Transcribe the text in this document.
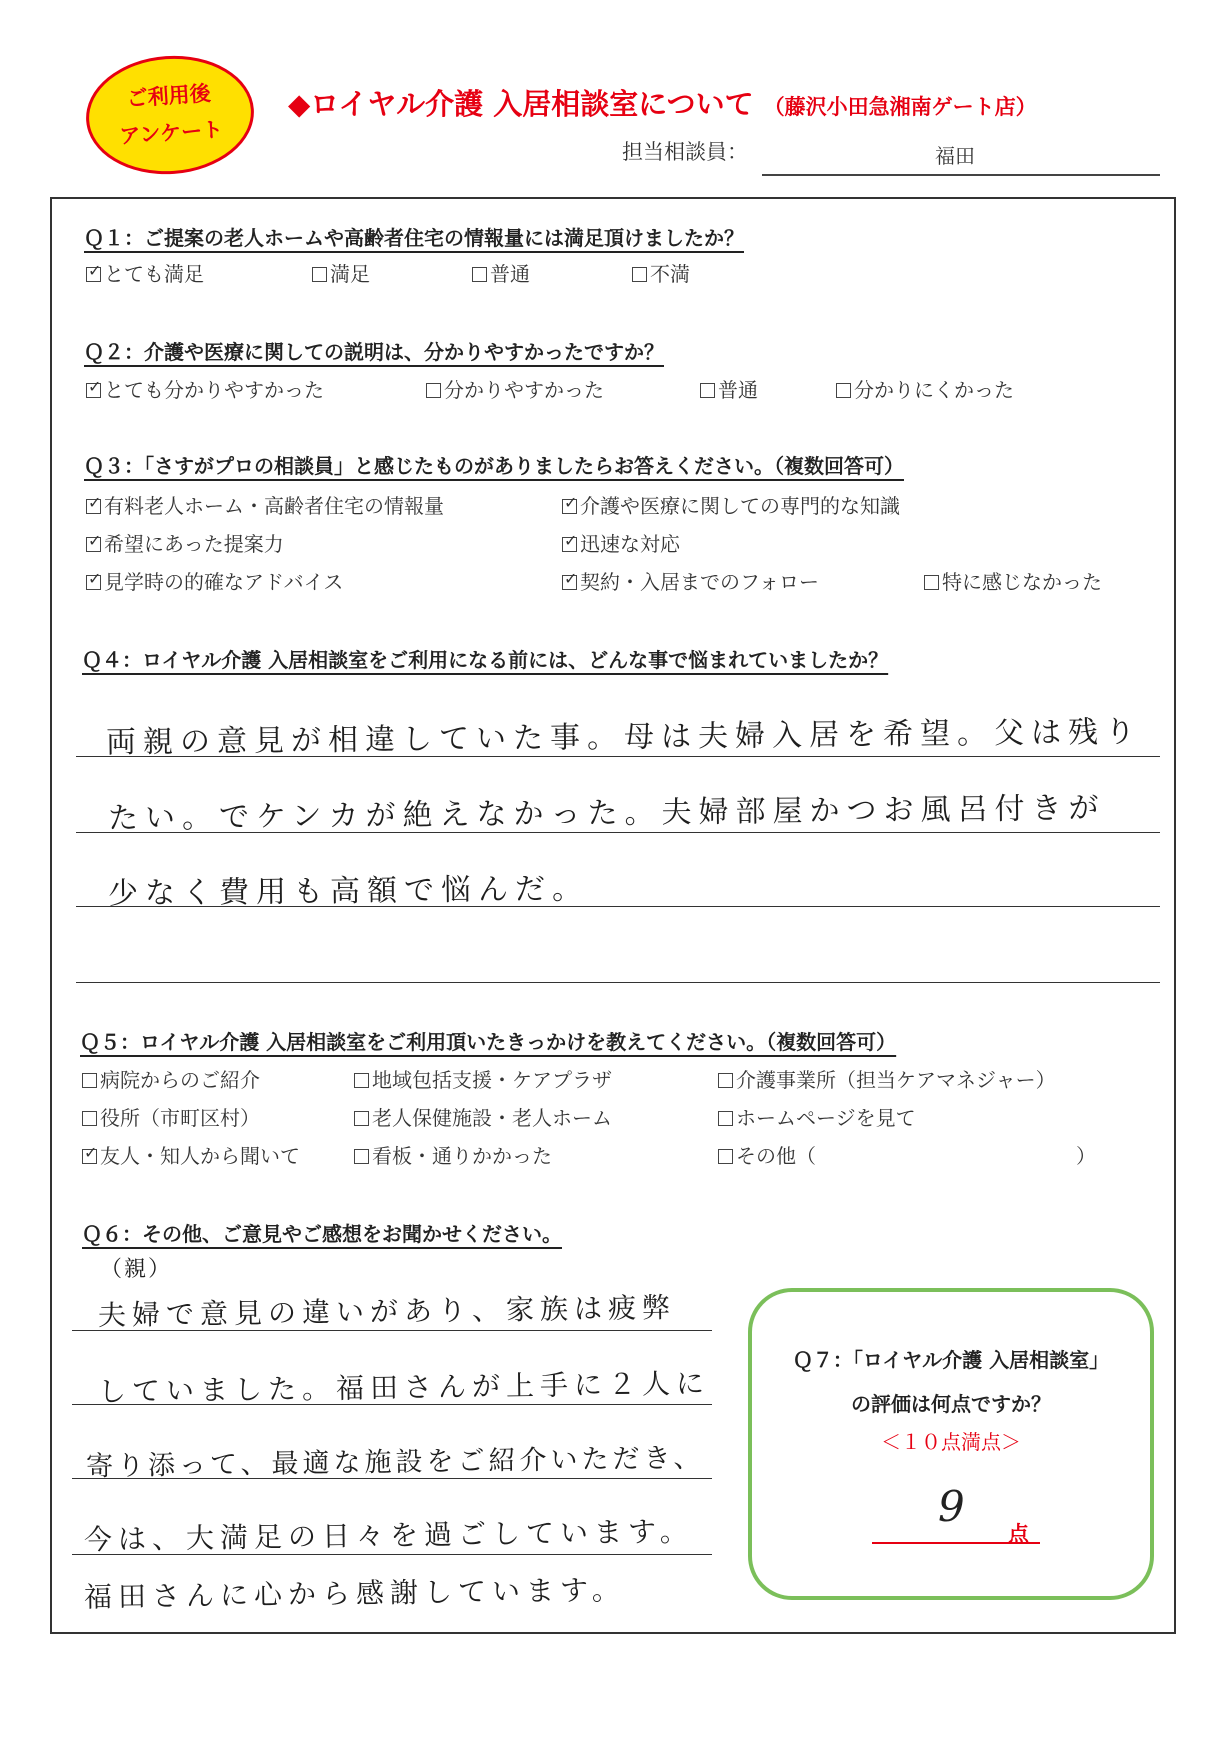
ご利用後
アンケート
◆ロイヤル介護 入居相談室について （藤沢小田急湘南ゲート店）
担当相談員：	福田
Ｑ１：ご提案の老人ホームや高齢者住宅の情報量には満足頂けましたか？
✓ とても満足	満足	普通	不満
Ｑ２：介護や医療に関しての説明は、分かりやすかったですか？
✓ とても分かりやすかった	分かりやすかった	普通	分かりにくかった
Ｑ３：「さすがプロの相談員」と感じたものがありましたらお答えください。（複数回答可）
✓ 有料老人ホーム・高齢者住宅の情報量	✓ 介護や医療に関しての専門的な知識
✓ 希望にあった提案力	✓ 迅速な対応
✓ 見学時の的確なアドバイス	✓ 契約・入居までのフォロー	特に感じなかった
Ｑ４：ロイヤル介護 入居相談室をご利用になる前には、どんな事で悩まれていましたか？
両親の意見が相違していた事。母は夫婦入居を希望。父は残り
たい。でケンカが絶えなかった。夫婦部屋かつお風呂付きが
少なく費用も高額で悩んだ。
Ｑ５：ロイヤル介護 入居相談室をご利用頂いたきっかけを教えてください。（複数回答可）
病院からのご紹介	地域包括支援・ケアプラザ	介護事業所（担当ケアマネジャー）
役所（市町区村）	老人保健施設・老人ホーム	ホームページを見て
✓ 友人・知人から聞いて	看板・通りかかった	その他（　　　　　　　　　　　　　）
Ｑ６：その他、ご意見やご感想をお聞かせください。
（親）
夫婦で意見の違いがあり、家族は疲弊
していました。福田さんが上手に２人に
寄り添って、最適な施設をご紹介いただき、
今は、大満足の日々を過ごしています。
福田さんに心から感謝しています。
Ｑ７：「ロイヤル介護 入居相談室」
の評価は何点ですか？
＜１０点満点＞
9
点
